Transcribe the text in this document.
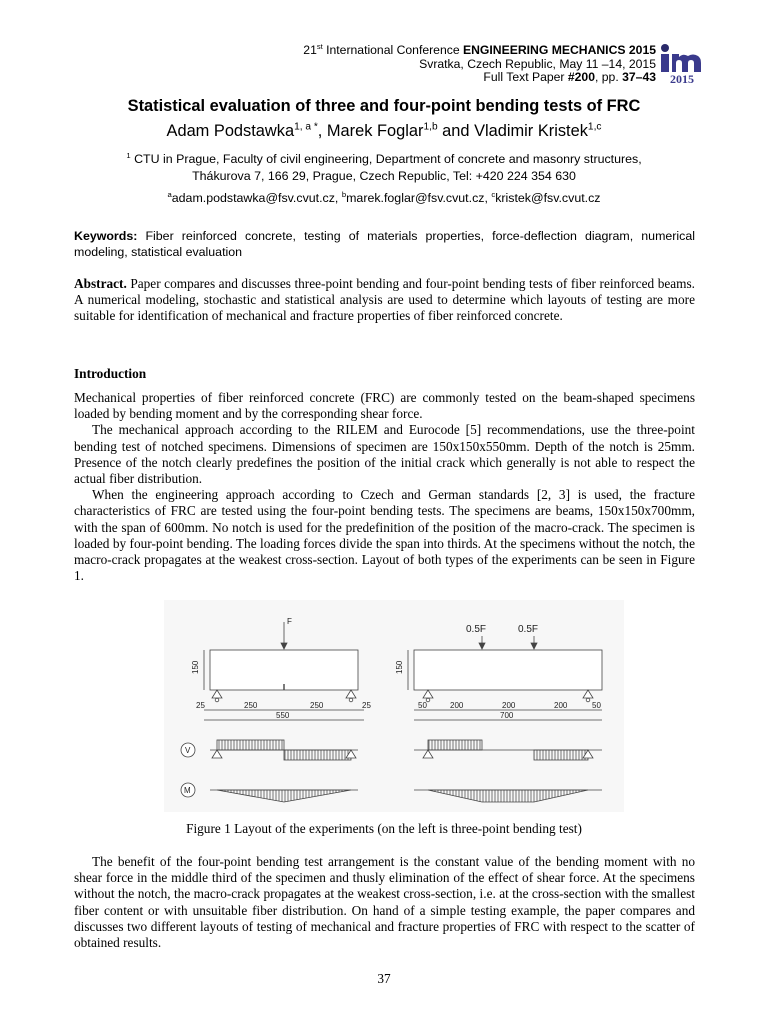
21st International Conference ENGINEERING MECHANICS 2015
Svratka, Czech Republic, May 11 –14, 2015
Full Text Paper #200, pp. 37–43 2015
Statistical evaluation of three and four-point bending tests of FRC
Adam Podstawka$^{1, a *}$, Marek Foglar$^{1,b}$ and Vladimir Kristek$^{1,c}$
$^1$ CTU in Prague, Faculty of civil engineering, Department of concrete and masonry structures,
Thákurova 7, 166 29, Prague, Czech Republic, Tel: +420 224 354 630
$^a$adam.podstawka@fsv.cvut.cz, $^b$marek.foglar@fsv.cvut.cz, $^c$kristek@fsv.cvut.cz
Keywords: Fiber reinforced concrete, testing of materials properties, force-deflection diagram, numerical modeling, statistical evaluation

Abstract. Paper compares and discusses three-point bending and four-point bending tests of fiber reinforced beams. A numerical modeling, stochastic and statistical analysis are used to determine which layouts of testing are more suitable for identification of mechanical and fracture properties of fiber reinforced concrete.

Introduction

Mechanical properties of fiber reinforced concrete (FRC) are commonly tested on the beam-shaped specimens loaded by bending moment and by the corresponding shear force.

The mechanical approach according to the RILEM and Eurocode [5] recommendations, use the three-point bending test of notched specimens. Dimensions of specimen are 150x150x550mm. Depth of the notch is 25mm. Presence of the notch clearly predefines the position of the initial crack which generally is not able to respect the actual fiber distribution.

When the engineering approach according to Czech and German standards [2, 3] is used, the fracture characteristics of FRC are tested using the four-point bending tests. The specimens are beams, 150x150x700mm, with the span of 600mm. No notch is used for the predefinition of the position of the macro-crack. The specimen is loaded by four-point bending. The loading forces divide the span into thirds. At the specimens without the notch, the macro-crack propagates at the weakest cross-section. Layout of both types of the experiments can be seen in Figure 1.

F
150
25	250	250	25
550
V
M
0.5F	0.5F
150
50	200	200	200	50
700
Figure 1 Layout of the experiments (on the left is three-point bending test)

The benefit of the four-point bending test arrangement is the constant value of the bending moment with no shear force in the middle third of the specimen and thusly elimination of the effect of shear force. At the specimens without the notch, the macro-crack propagates at the weakest cross-section, i.e. at the cross-section with the smallest fiber content or with unsuitable fiber distribution. On hand of a simple testing example, the paper compares and discusses two different layouts of testing of mechanical and fracture properties of FRC with respect to the scatter of obtained results.

37
